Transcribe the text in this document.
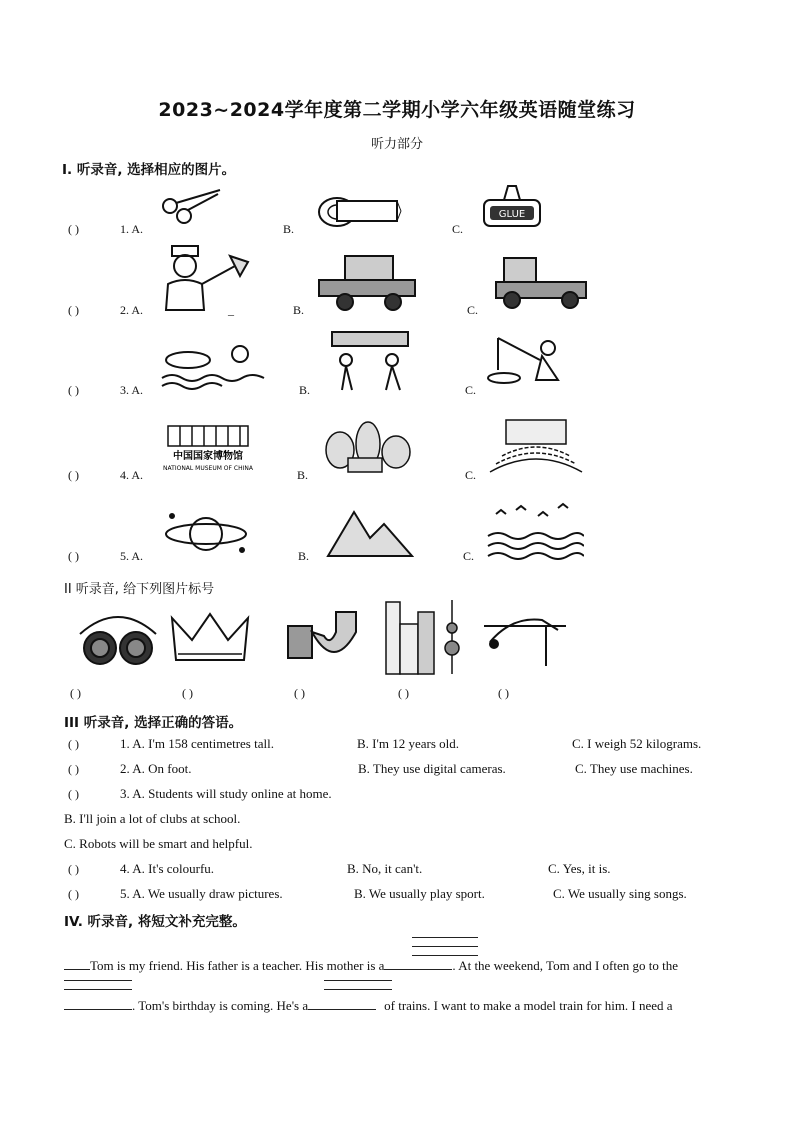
2023~2024学年度第二学期小学六年级英语随堂练习
听力部分
I. 听录音, 选择相应的图片。
( )	1. A.	B.	C.
GLUE
( )	2. A.	_	B.	C.
( )	3. A.	B.	C.
( )	4. A.
中国国家博物馆
NATIONAL MUSEUM OF CHINA	B.	C.
( )	5. A.	B.	C.
II 听录音, 给下列图片标号
( )	( )	( )	( )	( )
III 听录音, 选择正确的答语。
( )	1. A. I'm 158 centimetres tall.	B. I'm 12 years old.	C. I weigh 52 kilograms.
( )	2. A. On foot.	B. They use digital cameras.	C. They use machines.
( )	3. A. Students will study online at home.
B. I'll join a lot of clubs at school.
C. Robots will be smart and helpful.
( )	4. A. It's colourfu.	B. No, it can't.	C. Yes, it is.
( )	5. A. We usually draw pictures.	B. We usually play sport.	C. We usually sing songs.
IV. 听录音, 将短文补充完整。
Tom is my friend. His father is a teacher. His mother is a	. At the weekend, Tom and I often go to the
. Tom's birthday is coming. He's a	of trains. I want to make a model train for him. I need a
